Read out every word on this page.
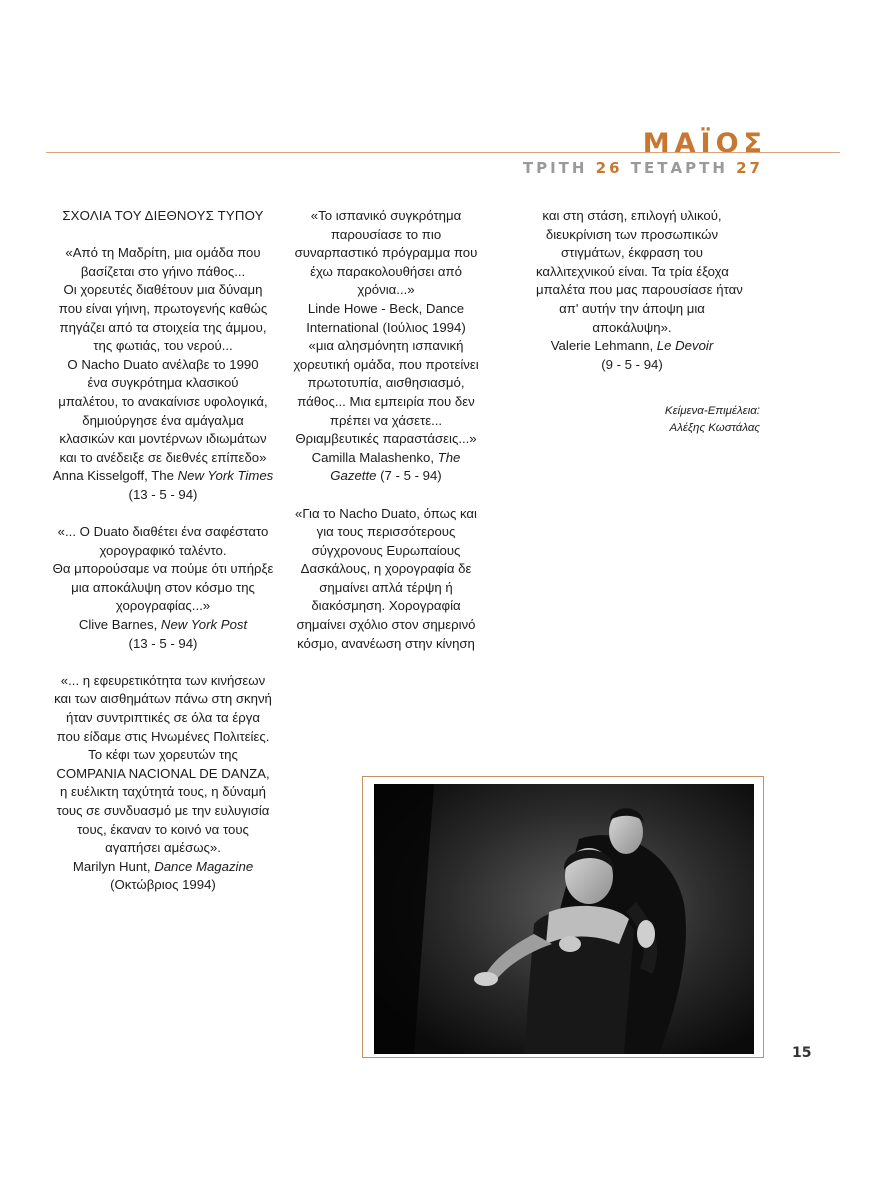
ΜΑΪΟΣ
ΤΡΙΤΗ 26 ΤΕΤΑΡΤΗ 27
ΣΧΟΛΙΑ ΤΟΥ ΔΙΕΘΝΟΥΣ ΤΥΠΟΥ
«Από τη Μαδρίτη, μια ομάδα που
βασίζεται στο γήινο πάθος...
Οι χορευτές διαθέτουν μια δύναμη
που είναι γήινη, πρωτογενής καθώς
πηγάζει από τα στοιχεία της άμμου,
της φωτιάς, του νερού...
Ο Nacho Duato ανέλαβε το 1990
ένα συγκρότημα κλασικού
μπαλέτου, το ανακαίνισε υφολογικά,
δημιούργησε ένα αμάγαλμα
κλασικών και μοντέρνων ιδιωμάτων
και το ανέδειξε σε διεθνές επίπεδο»
Anna Kisselgoff, The New York Times
(13 - 5 - 94)
«... Ο Duato διαθέτει ένα σαφέστατο
χορογραφικό ταλέντο.
Θα μπορούσαμε να πούμε ότι υπήρξε
μια αποκάλυψη στον κόσμο της
χορογραφίας...»
Clive Barnes, New York Post
(13 - 5 - 94)
«... η εφευρετικότητα των κινήσεων
και των αισθημάτων πάνω στη σκηνή
ήταν συντριπτικές σε όλα τα έργα
που είδαμε στις Ηνωμένες Πολιτείες.
Το κέφι των χορευτών της
COMPANIA NACIONAL DE DANZA,
η ευέλικτη ταχύτητά τους, η δύναμή
τους σε συνδυασμό με την ευλυγισία
τους, έκαναν το κοινό να τους
αγαπήσει αμέσως».
Marilyn Hunt, Dance Magazine
(Οκτώβριος 1994)
«Το ισπανικό συγκρότημα
παρουσίασε το πιο
συναρπαστικό πρόγραμμα που
έχω παρακολουθήσει από
χρόνια...»
Linde Howe - Beck, Dance
International (Ιούλιος 1994)
«μια αλησμόνητη ισπανική
χορευτική ομάδα, που προτείνει
πρωτοτυπία, αισθησιασμό,
πάθος... Μια εμπειρία που δεν
πρέπει να χάσετε...
Θριαμβευτικές παραστάσεις...»
Camilla Malashenko, The
Gazette (7 - 5 - 94)
«Για το Nacho Duato, όπως και
για τους περισσότερους
σύγχρονους Ευρωπαίους
Δασκάλους, η χορογραφία δε
σημαίνει απλά τέρψη ή
διακόσμηση. Χορογραφία
σημαίνει σχόλιο στον σημερινό
κόσμο, ανανέωση στην κίνηση
και στη στάση, επιλογή υλικού,
διευκρίνιση των προσωπικών
στιγμάτων, έκφραση του
καλλιτεχνικού είναι. Τα τρία έξοχα
μπαλέτα που μας παρουσίασε ήταν
απ' αυτήν την άποψη μια
αποκάλυψη».
Valerie Lehmann, Le Devoir
(9 - 5 - 94)
Κείμενα-Επιμέλεια:
Αλέξης Κωστάλας
15
